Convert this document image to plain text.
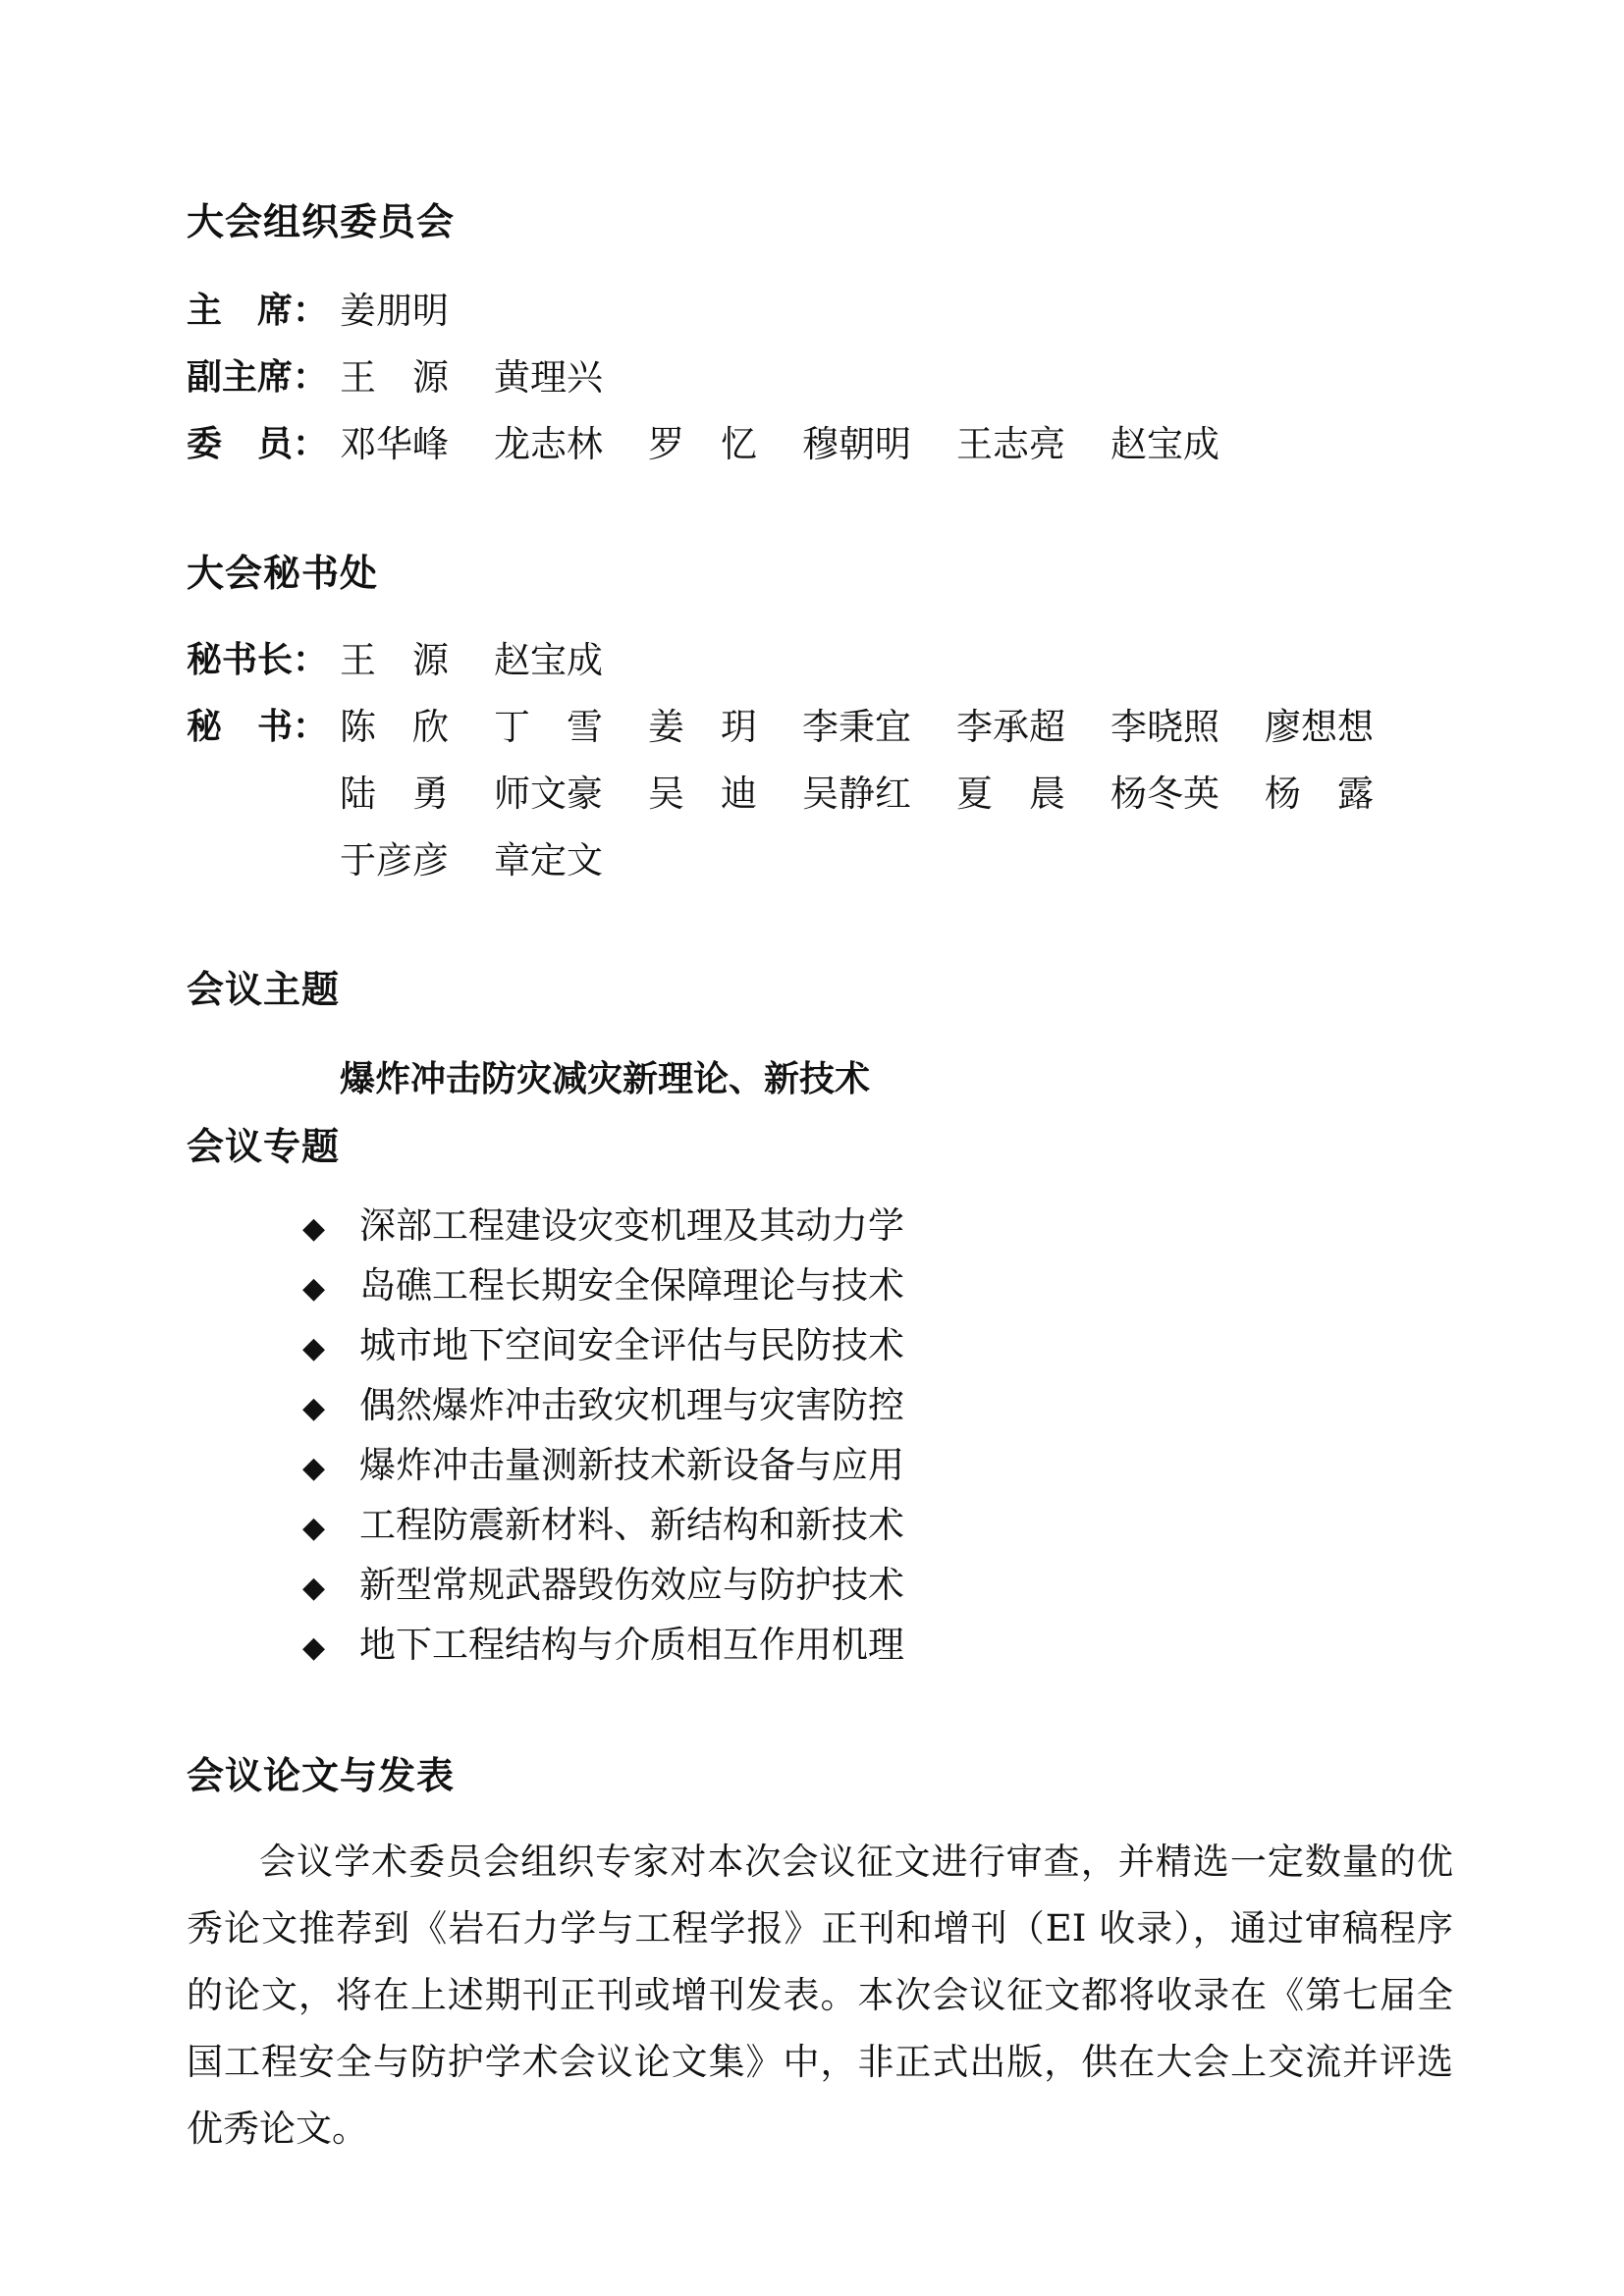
大会组织委员会
主　席： 姜朋明
副主席： 王　源 黄理兴
委　员： 邓华峰 龙志林 罗　忆 穆朝明 王志亮 赵宝成
大会秘书处
秘书长： 王　源 赵宝成
秘　书： 陈　欣 丁　雪 姜　玥 李秉宜 李承超 李晓照 廖想想
陆　勇 师文豪 吴　迪 吴静红 夏　晨 杨冬英 杨　露
于彦彦 章定文
会议主题
爆炸冲击防灾减灾新理论、新技术
会议专题
◆ 深部工程建设灾变机理及其动力学
◆ 岛礁工程长期安全保障理论与技术
◆ 城市地下空间安全评估与民防技术
◆ 偶然爆炸冲击致灾机理与灾害防控
◆ 爆炸冲击量测新技术新设备与应用
◆ 工程防震新材料、新结构和新技术
◆ 新型常规武器毁伤效应与防护技术
◆ 地下工程结构与介质相互作用机理
会议论文与发表
会议学术委员会组织专家对本次会议征文进行审查，并精选一定数量的优秀论文推荐到《岩石力学与工程学报》正刊和增刊（EI 收录），通过审稿程序的论文，将在上述期刊正刊或增刊发表。本次会议征文都将收录在《第七届全国工程安全与防护学术会议论文集》中，非正式出版，供在大会上交流并评选优秀论文。
